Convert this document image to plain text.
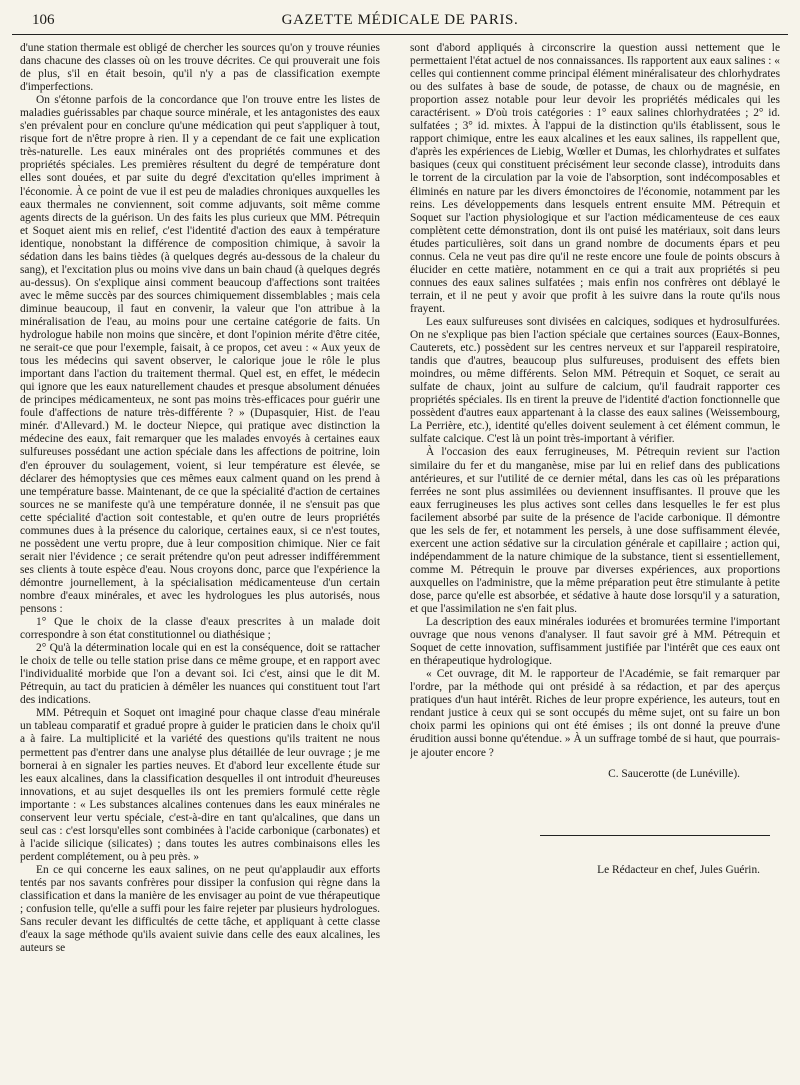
106	GAZETTE MÉDICALE DE PARIS.

d'une station thermale est obligé de chercher les sources qu'on y trouve réunies dans chacune des classes où on les trouve décrites. Ce qui prouverait une fois de plus, s'il en était besoin, qu'il n'y a pas de classification exempte d'imperfections.

On s'étonne parfois de la concordance que l'on trouve entre les listes de maladies guérissables par chaque source minérale, et les antagonistes des eaux s'en prévalent pour en conclure qu'une médication qui peut s'appliquer à tout, risque fort de n'être propre à rien. Il y a cependant de ce fait une explication très-naturelle. Les eaux minérales ont des propriétés communes et des propriétés spéciales. Les premières résultent du degré de température dont elles sont douées, et par suite du degré d'excitation qu'elles impriment à l'économie. À ce point de vue il est peu de maladies chroniques auxquelles les eaux thermales ne conviennent, soit comme adjuvants, soit même comme agents directs de la guérison. Un des faits les plus curieux que MM. Pétrequin et Soquet aient mis en relief, c'est l'identité d'action des eaux à température identique, nonobstant la différence de composition chimique, à savoir la sédation dans les bains tièdes (à quelques degrés au-dessous de la chaleur du sang), et l'excitation plus ou moins vive dans un bain chaud (à quelques degrés au-dessus). On s'explique ainsi comment beaucoup d'affections sont traitées avec le même succès par des sources chimiquement dissemblables ; mais cela diminue beaucoup, il faut en convenir, la valeur que l'on attribue à la minéralisation de l'eau, au moins pour une certaine catégorie de faits. Un hydrologue habile non moins que sincère, et dont l'opinion mérite d'être citée, ne serait-ce que pour l'exemple, faisait, à ce propos, cet aveu : « Aux yeux de tous les médecins qui savent observer, le calorique joue le rôle le plus important dans l'action du traitement thermal. Quel est, en effet, le médecin qui ignore que les eaux naturellement chaudes et presque absolument dénuées de principes médicamenteux, ne sont pas moins très-efficaces pour guérir une foule d'affections de nature très-différente ? » (Dupasquier, Hist. de l'eau minér. d'Allevard.) M. le docteur Niepce, qui pratique avec distinction la médecine des eaux, fait remarquer que les malades envoyés à certaines eaux sulfureuses possédant une action spéciale dans les affections de poitrine, loin d'en éprouver du soulagement, voient, si leur température est élevée, se déclarer des hémoptysies que ces mêmes eaux calment quand on les prend à une température basse. Maintenant, de ce que la spécialité d'action de certaines sources ne se manifeste qu'à une température donnée, il ne s'ensuit pas que cette spécialité d'action soit contestable, et qu'en outre de leurs propriétés communes dues à la présence du calorique, certaines eaux, si ce n'est toutes, ne possèdent une vertu propre, due à leur composition chimique. Nier ce fait serait nier l'évidence ; ce serait prétendre qu'on peut adresser indifféremment ses clients à toute espèce d'eau. Nous croyons donc, parce que l'expérience la démontre journellement, à la spécialisation médicamenteuse d'un certain nombre d'eaux minérales, et avec les hydrologues les plus autorisés, nous pensons :

1° Que le choix de la classe d'eaux prescrites à un malade doit correspondre à son état constitutionnel ou diathésique ;

2° Qu'à la détermination locale qui en est la conséquence, doit se rattacher le choix de telle ou telle station prise dans ce même groupe, et en rapport avec l'individualité morbide que l'on a devant soi. Ici c'est, ainsi que le dit M. Pétrequin, au tact du praticien à démêler les nuances qui constituent tout l'art des indications.

MM. Pétrequin et Soquet ont imaginé pour chaque classe d'eau minérale un tableau comparatif et gradué propre à guider le praticien dans le choix qu'il a à faire. La multiplicité et la variété des questions qu'ils traitent ne nous permettent pas d'entrer dans une analyse plus détaillée de leur ouvrage ; je me bornerai à en signaler les parties neuves. Et d'abord leur excellente étude sur les eaux alcalines, dans la classification desquelles il ont introduit d'heureuses innovations, et au sujet desquelles ils ont les premiers formulé cette règle importante : « Les substances alcalines contenues dans les eaux minérales ne conservent leur vertu spéciale, c'est-à-dire en tant qu'alcalines, que dans un seul cas : c'est lorsqu'elles sont combinées à l'acide carbonique (carbonates) et à l'acide silicique (silicates) ; dans toutes les autres combinaisons elles les perdent complétement, ou à peu près. »

En ce qui concerne les eaux salines, on ne peut qu'applaudir aux efforts tentés par nos savants confrères pour dissiper la confusion qui règne dans la classification et dans la manière de les envisager au point de vue thérapeutique ; confusion telle, qu'elle a suffi pour les faire rejeter par plusieurs hydrologues. Sans reculer devant les difficultés de cette tâche, et appliquant à cette classe d'eaux la sage méthode qu'ils avaient suivie dans celle des eaux alcalines, les auteurs se

sont d'abord appliqués à circonscrire la question aussi nettement que le permettaient l'état actuel de nos connaissances. Ils rapportent aux eaux salines : « celles qui contiennent comme principal élément minéralisateur des chlorhydrates ou des sulfates à base de soude, de potasse, de chaux ou de magnésie, en proportion assez notable pour leur devoir les propriétés médicales qui les caractérisent. » D'où trois catégories : 1° eaux salines chlorhydratées ; 2° id. sulfatées ; 3° id. mixtes. À l'appui de la distinction qu'ils établissent, sous le rapport chimique, entre les eaux alcalines et les eaux salines, ils rappellent que, d'après les expériences de Liebig, Wœller et Dumas, les chlorhydrates et sulfates basiques (ceux qui constituent précisément leur seconde classe), introduits dans le torrent de la circulation par la voie de l'absorption, sont indécomposables et éliminés en nature par les divers émonctoires de l'économie, notamment par les reins. Les développements dans lesquels entrent ensuite MM. Pétrequin et Soquet sur l'action physiologique et sur l'action médicamenteuse de ces eaux complètent cette démonstration, dont ils ont puisé les matériaux, soit dans leurs études particulières, soit dans un grand nombre de documents épars et peu connus. Cela ne veut pas dire qu'il ne reste encore une foule de points obscurs à élucider en cette matière, notamment en ce qui a trait aux propriétés si peu connues des eaux salines sulfatées ; mais enfin nos confrères ont déblayé le terrain, et il ne peut y avoir que profit à les suivre dans la route qu'ils nous frayent.

Les eaux sulfureuses sont divisées en calciques, sodiques et hydrosulfurées. On ne s'explique pas bien l'action spéciale que certaines sources (Eaux-Bonnes, Cauterets, etc.) possèdent sur les centres nerveux et sur l'appareil respiratoire, tandis que d'autres, beaucoup plus sulfureuses, produisent des effets bien moindres, ou même différents. Selon MM. Pétrequin et Soquet, ce serait au sulfate de chaux, joint au sulfure de calcium, qu'il faudrait rapporter ces propriétés spéciales. Ils en tirent la preuve de l'identité d'action fonctionnelle que possèdent d'autres eaux appartenant à la classe des eaux salines (Weissembourg, La Perrière, etc.), identité qu'elles doivent seulement à cet élément commun, le sulfate calcique. C'est là un point très-important à vérifier.

À l'occasion des eaux ferrugineuses, M. Pétrequin revient sur l'action similaire du fer et du manganèse, mise par lui en relief dans des publications antérieures, et sur l'utilité de ce dernier métal, dans les cas où les préparations ferrées ne sont plus assimilées ou deviennent insuffisantes. Il prouve que les eaux ferrugineuses les plus actives sont celles dans lesquelles le fer est plus facilement absorbé par suite de la présence de l'acide carbonique. Il démontre que les sels de fer, et notamment les persels, à une dose suffisamment élevée, exercent une action sédative sur la circulation générale et capillaire ; action qui, indépendamment de la nature chimique de la substance, tient si essentiellement, comme M. Pétrequin le prouve par diverses expériences, aux proportions auxquelles on l'administre, que la même préparation peut être stimulante à petite dose, parce qu'elle est absorbée, et sédative à haute dose lorsqu'il y a saturation, et que l'assimilation ne s'en fait plus.

La description des eaux minérales iodurées et bromurées termine l'important ouvrage que nous venons d'analyser. Il faut savoir gré à MM. Pétrequin et Soquet de cette innovation, suffisamment justifiée par l'intérêt que ces eaux ont en thérapeutique hydrologique.

« Cet ouvrage, dit M. le rapporteur de l'Académie, se fait remarquer par l'ordre, par la méthode qui ont présidé à sa rédaction, et par des aperçus pratiques d'un haut intérêt. Riches de leur propre expérience, les auteurs, tout en rendant justice à ceux qui se sont occupés du même sujet, ont su faire un bon choix parmi les opinions qui ont été émises ; ils ont donné la preuve d'une érudition aussi bonne qu'étendue. » À un suffrage tombé de si haut, que pourrais-je ajouter encore ?

C. Saucerotte (de Lunéville).
Le Rédacteur en chef, Jules Guérin.
